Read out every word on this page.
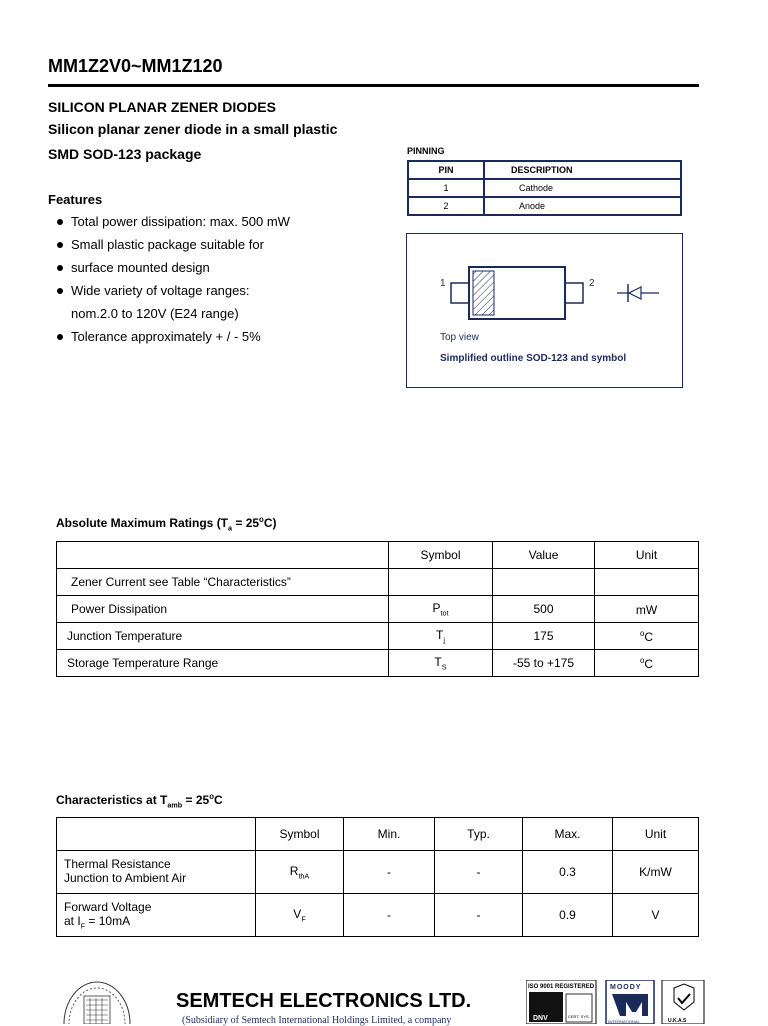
MM1Z2V0~MM1Z120
SILICON PLANAR ZENER DIODES
Silicon planar zener diode in a small plastic
SMD SOD-123 package
Features
Total power dissipation: max. 500 mW
Small plastic package suitable for
surface mounted design
Wide variety of voltage ranges:
nom.2.0 to 120V (E24 range)
Tolerance approximately + / - 5%
PINNING
PIN	DESCRIPTION
1	Cathode
2	Anode
1	2
Top view
Simplified outline SOD-123 and symbol
Absolute Maximum Ratings $(T_a = 25^oC)$
	Symbol	Value	Unit
Zener Current see Table “Characteristics”			
Power Dissipation	$P_{tot}$	500	mW
Junction Temperature	$T_j$	175	$^o$C
Storage Temperature Range	$T_S$	-55 to +175	$^o$C
Characteristics at $T_{amb} = 25^oC$
	Symbol	Min.	Typ.	Max.	Unit

Thermal Resistance
Junction to Ambient Air	$R_{thA}$	-	-	0.3	K/mW

Forward Voltage
at $I_F = 10mA$	$V_F$	-	-	0.9	V
SEMTECH ELECTRONICS LTD.
(Subsidiary of Semtech International Holdings Limited, a company
ISO 9001 REGISTERED
DNV	CERT. SYS.
MOODY
INTERNATIONAL	U.K.A.S
